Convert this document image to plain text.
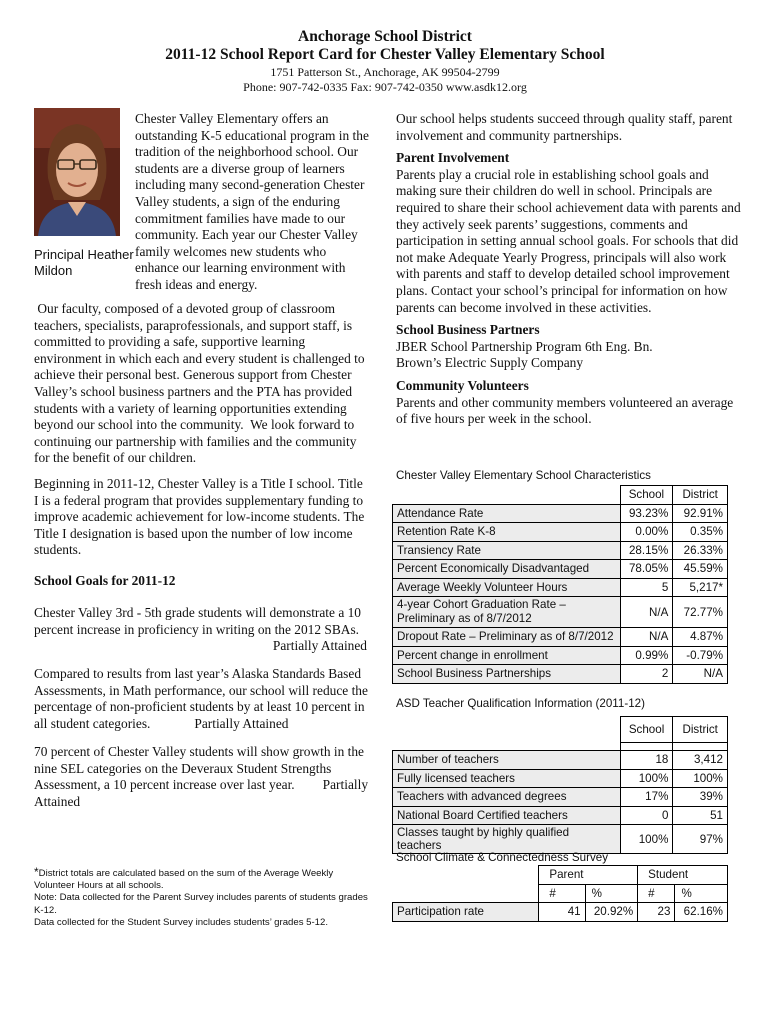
Anchorage School District
2011-12 School Report Card for Chester Valley Elementary School
1751 Patterson St., Anchorage, AK 99504-2799
Phone: 907-742-0335 Fax: 907-742-0350 www.asdk12.org
Principal Heather
Mildon
Chester Valley Elementary offers an outstanding K-5 educational program in the tradition of the neighborhood school. Our students are a diverse group of learners including many second-generation Chester Valley students, a sign of the enduring commitment families have made to our community. Each year our Chester Valley family welcomes new students who enhance our learning environment with fresh ideas and energy.
Our faculty, composed of a devoted group of classroom teachers, specialists, paraprofessionals, and support staff, is committed to providing a safe, supportive learning environment in which each and every student is challenged to achieve their personal best. Generous support from Chester Valley’s school business partners and the PTA has provided students with a variety of learning opportunities extending beyond our school into the community.  We look forward to continuing our partnership with families and the community for the benefit of our children.
Beginning in 2011-12, Chester Valley is a Title I school. Title I is a federal program that provides supplementary funding to improve academic achievement for low-income students. The Title I designation is based upon the number of low income students.
School Goals for 2011-12
Chester Valley 3rd - 5th grade students will demonstrate a 10 percent increase in proficiency in writing on the 2012 SBAs.
Partially Attained
Compared to results from last year’s Alaska Standards Based Assessments, in Math performance, our school will reduce the percentage of non-proficient students by at least 10 percent in all student categories.	Partially Attained
70 percent of Chester Valley students will show growth in the nine SEL categories on the Deveraux Student Strengths Assessment, a 10 percent increase over last year. Partially Attained
*District totals are calculated based on the sum of the Average Weekly Volunteer Hours at all schools.
Note: Data collected for the Parent Survey includes parents of students grades K-12.
Data collected for the Student Survey includes students’ grades 5-12.
Our school helps students succeed through quality staff, parent involvement and community partnerships.
Parent Involvement
Parents play a crucial role in establishing school goals and making sure their children do well in school. Principals are required to share their school achievement data with parents and they actively seek parents’ suggestions, comments and participation in setting annual school goals. For schools that did not make Adequate Yearly Progress, principals will also work with parents and staff to develop detailed school improvement plans. Contact your school’s principal for information on how parents can become involved in these activities.
School Business Partners
JBER School Partnership Program 6th Eng. Bn.
Brown’s Electric Supply Company
Community Volunteers
Parents and other community members volunteered an average of five hours per week in the school.
Chester Valley Elementary School Characteristics
	School	District
Attendance Rate	93.23%	92.91%
Retention Rate K-8	0.00%	0.35%
Transiency Rate	28.15%	26.33%
Percent Economically Disadvantaged	78.05%	45.59%
Average Weekly Volunteer Hours	5	5,217*
4-year Cohort Graduation Rate – Preliminary as of 8/7/2012	N/A	72.77%
Dropout Rate – Preliminary as of 8/7/2012	N/A	4.87%
Percent change in enrollment	0.99%	-0.79%
School Business Partnerships	2	N/A
ASD Teacher Qualification Information (2011-12)
	School	District

Number of teachers	18	3,412
Fully licensed teachers	100%	100%
Teachers with advanced degrees	17%	39%
National Board Certified teachers	0	51
Classes taught by highly qualified teachers	100%	97%
School Climate & Connectedness Survey
	Parent		Student	
	#	%	#	%
Participation rate	41	20.92%	23	62.16%
